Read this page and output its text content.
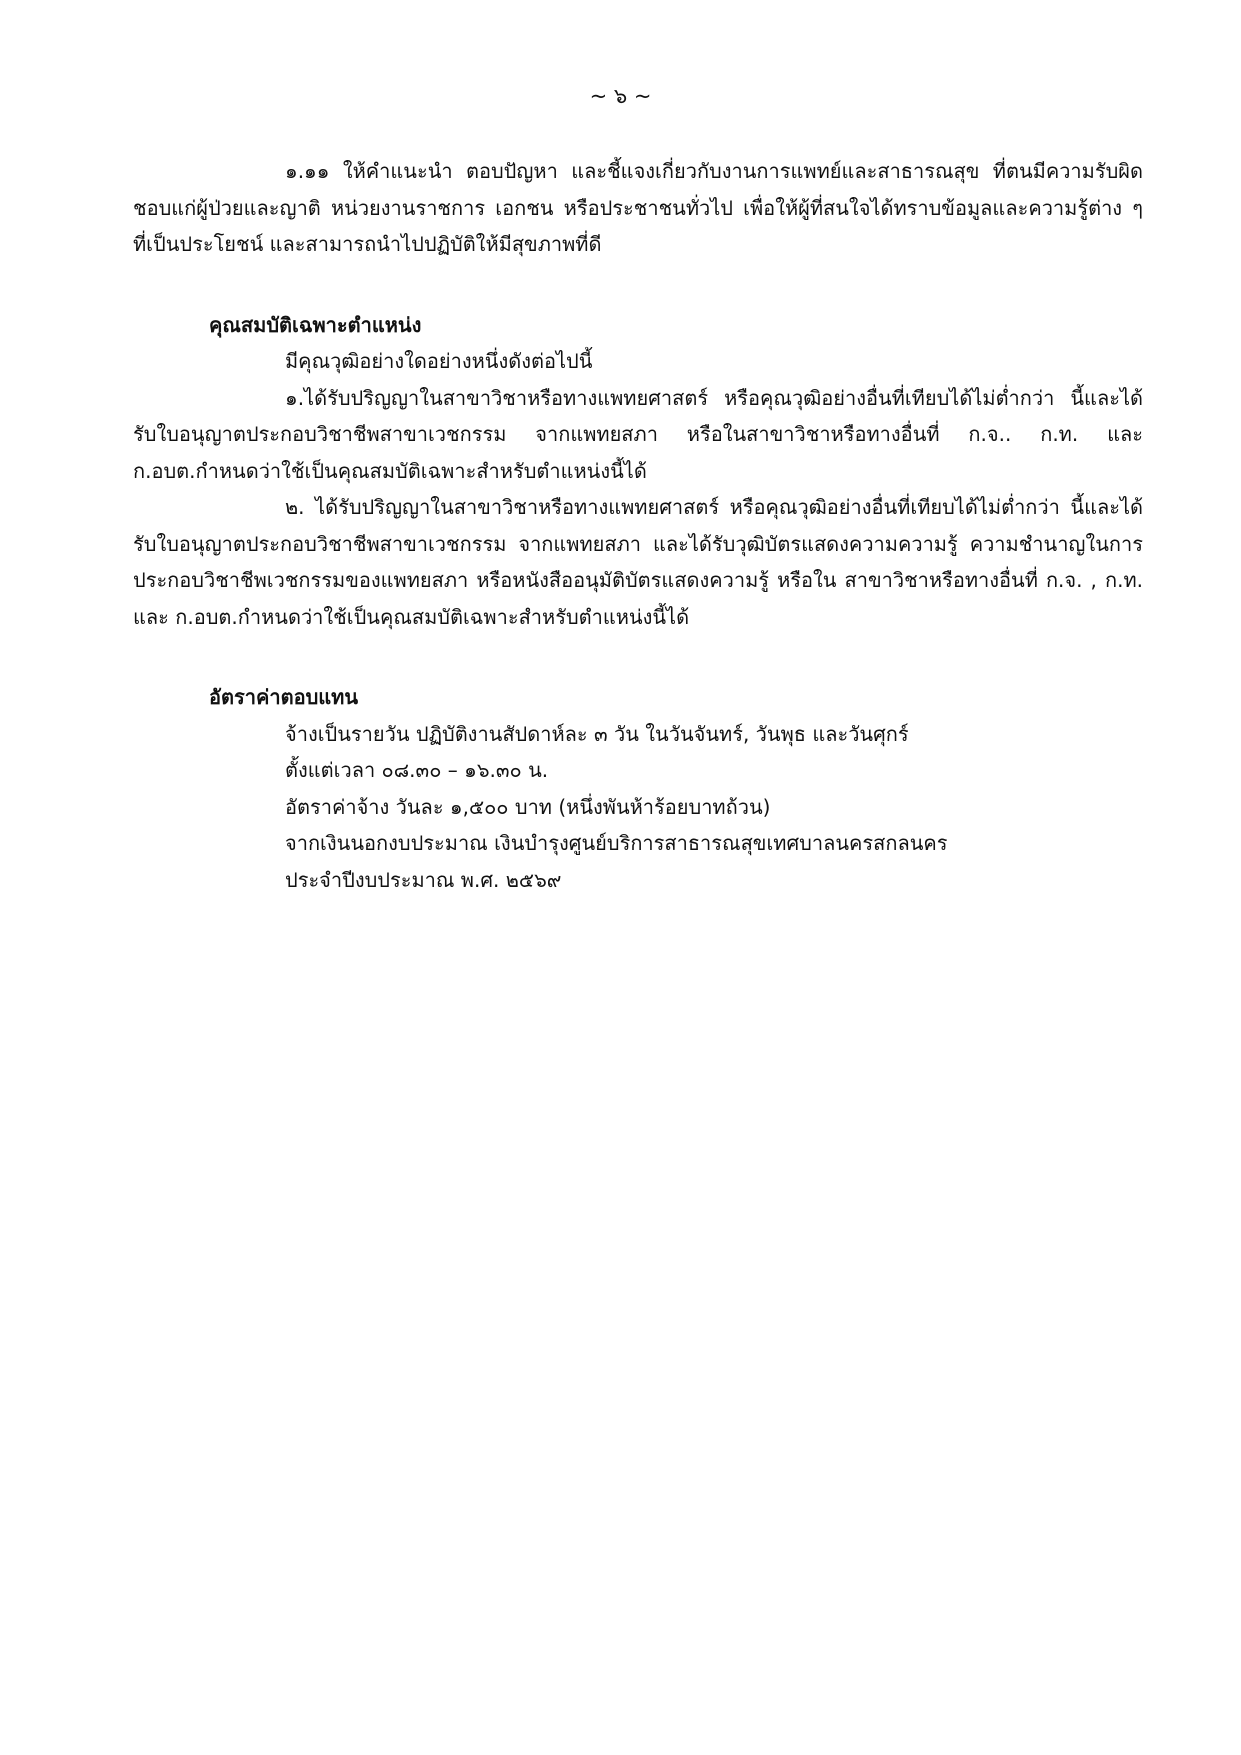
~ ๖ ~

๑.๑๑ ให้คำแนะนำ ตอบปัญหา และชี้แจงเกี่ยวกับงานการแพทย์และสาธารณสุข ที่ตนมีความรับผิดชอบแก่ผู้ป่วยและญาติ หน่วยงานราชการ เอกชน หรือประชาชนทั่วไป เพื่อให้ผู้ที่สนใจได้ทราบข้อมูลและความรู้ต่าง ๆ ที่เป็นประโยชน์ และสามารถนำไปปฏิบัติให้มีสุขภาพที่ดี

คุณสมบัติเฉพาะตำแหน่ง

มีคุณวุฒิอย่างใดอย่างหนึ่งดังต่อไปนี้

๑.ได้รับปริญญาในสาขาวิชาหรือทางแพทยศาสตร์ หรือคุณวุฒิอย่างอื่นที่เทียบได้ไม่ต่ำกว่า นี้และได้รับใบอนุญาตประกอบวิชาชีพสาขาเวชกรรม จากแพทยสภา หรือในสาขาวิชาหรือทางอื่นที่ ก.จ.. ก.ท. และ ก.อบต.กำหนดว่าใช้เป็นคุณสมบัติเฉพาะสำหรับตำแหน่งนี้ได้

๒. ได้รับปริญญาในสาขาวิชาหรือทางแพทยศาสตร์ หรือคุณวุฒิอย่างอื่นที่เทียบได้ไม่ต่ำกว่า นี้และได้รับใบอนุญาตประกอบวิชาชีพสาขาเวชกรรม จากแพทยสภา และได้รับวุฒิบัตรแสดงความความรู้ ความชำนาญในการประกอบวิชาชีพเวชกรรมของแพทยสภา หรือหนังสืออนุมัติบัตรแสดงความรู้ หรือใน สาขาวิชาหรือทางอื่นที่ ก.จ. , ก.ท. และ ก.อบต.กำหนดว่าใช้เป็นคุณสมบัติเฉพาะสำหรับตำแหน่งนี้ได้

อัตราค่าตอบแทน

จ้างเป็นรายวัน ปฏิบัติงานสัปดาห์ละ ๓ วัน ในวันจันทร์, วันพุธ และวันศุกร์

ตั้งแต่เวลา ๐๘.๓๐ – ๑๖.๓๐ น.

อัตราค่าจ้าง วันละ ๑,๕๐๐ บาท (หนึ่งพันห้าร้อยบาทถ้วน)

จากเงินนอกงบประมาณ เงินบำรุงศูนย์บริการสาธารณสุขเทศบาลนครสกลนคร

ประจำปีงบประมาณ พ.ศ. ๒๕๖๙
